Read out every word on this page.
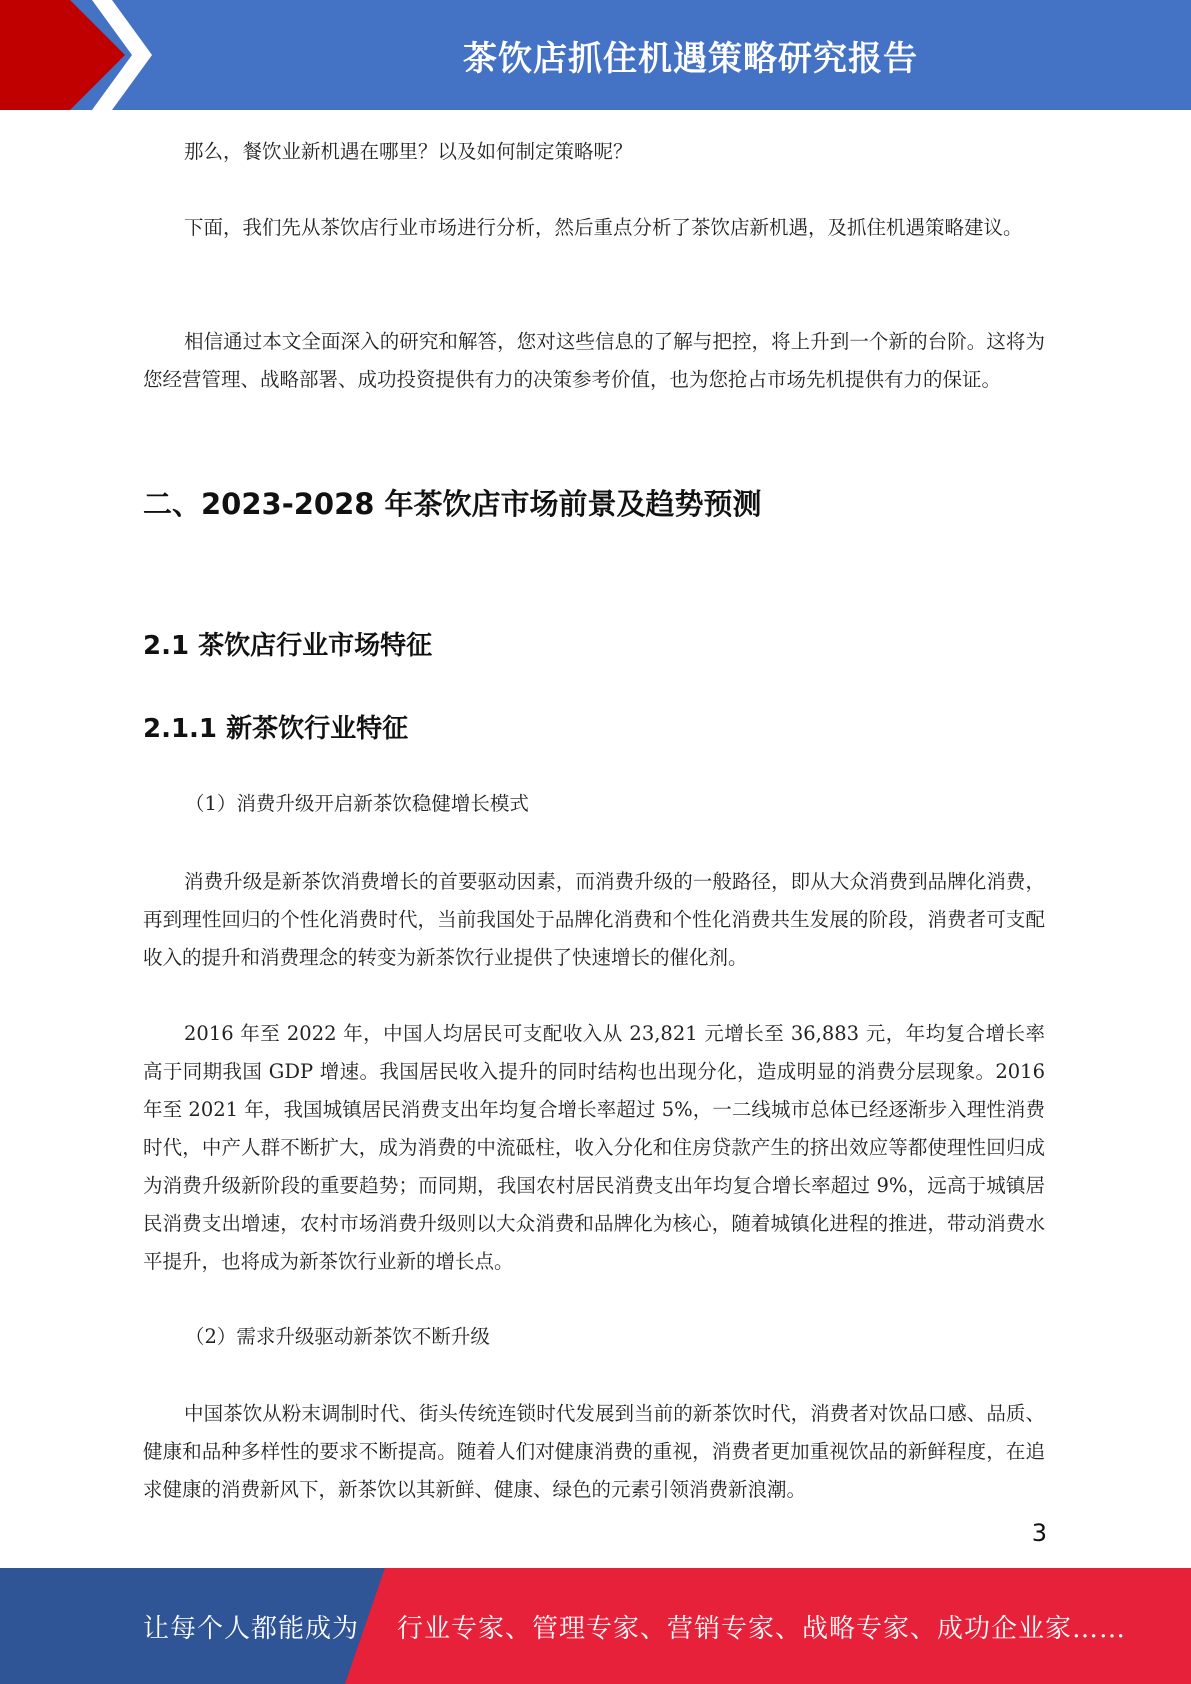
茶饮店抓住机遇策略研究报告

那么，餐饮业新机遇在哪里？以及如何制定策略呢？

下面，我们先从茶饮店行业市场进行分析，然后重点分析了茶饮店新机遇，及抓住机遇策略建议。

相信通过本文全面深入的研究和解答，您对这些信息的了解与把控，将上升到一个新的台阶。这将为您经营管理、战略部署、成功投资提供有力的决策参考价值，也为您抢占市场先机提供有力的保证。

二、2023-2028 年茶饮店市场前景及趋势预测
2.1 茶饮店行业市场特征
2.1.1 新茶饮行业特征

（1）消费升级开启新茶饮稳健增长模式

消费升级是新茶饮消费增长的首要驱动因素，而消费升级的一般路径，即从大众消费到品牌化消费，再到理性回归的个性化消费时代，当前我国处于品牌化消费和个性化消费共生发展的阶段，消费者可支配收入的提升和消费理念的转变为新茶饮行业提供了快速增长的催化剂。

2016 年至 2022 年，中国人均居民可支配收入从 23,821 元增长至 36,883 元，年均复合增长率高于同期我国 GDP 增速。我国居民收入提升的同时结构也出现分化，造成明显的消费分层现象。2016 年至 2021 年，我国城镇居民消费支出年均复合增长率超过 5%，一二线城市总体已经逐渐步入理性消费时代，中产人群不断扩大，成为消费的中流砥柱，收入分化和住房贷款产生的挤出效应等都使理性回归成为消费升级新阶段的重要趋势；而同期，我国农村居民消费支出年均复合增长率超过 9%，远高于城镇居民消费支出增速，农村市场消费升级则以大众消费和品牌化为核心，随着城镇化进程的推进，带动消费水平提升，也将成为新茶饮行业新的增长点。

（2）需求升级驱动新茶饮不断升级

中国茶饮从粉末调制时代、街头传统连锁时代发展到当前的新茶饮时代，消费者对饮品口感、品质、健康和品种多样性的要求不断提高。随着人们对健康消费的重视，消费者更加重视饮品的新鲜程度，在追求健康的消费新风下，新茶饮以其新鲜、健康、绿色的元素引领消费新浪潮。

3
让每个人都能成为 行业专家、管理专家、营销专家、战略专家、成功企业家……
